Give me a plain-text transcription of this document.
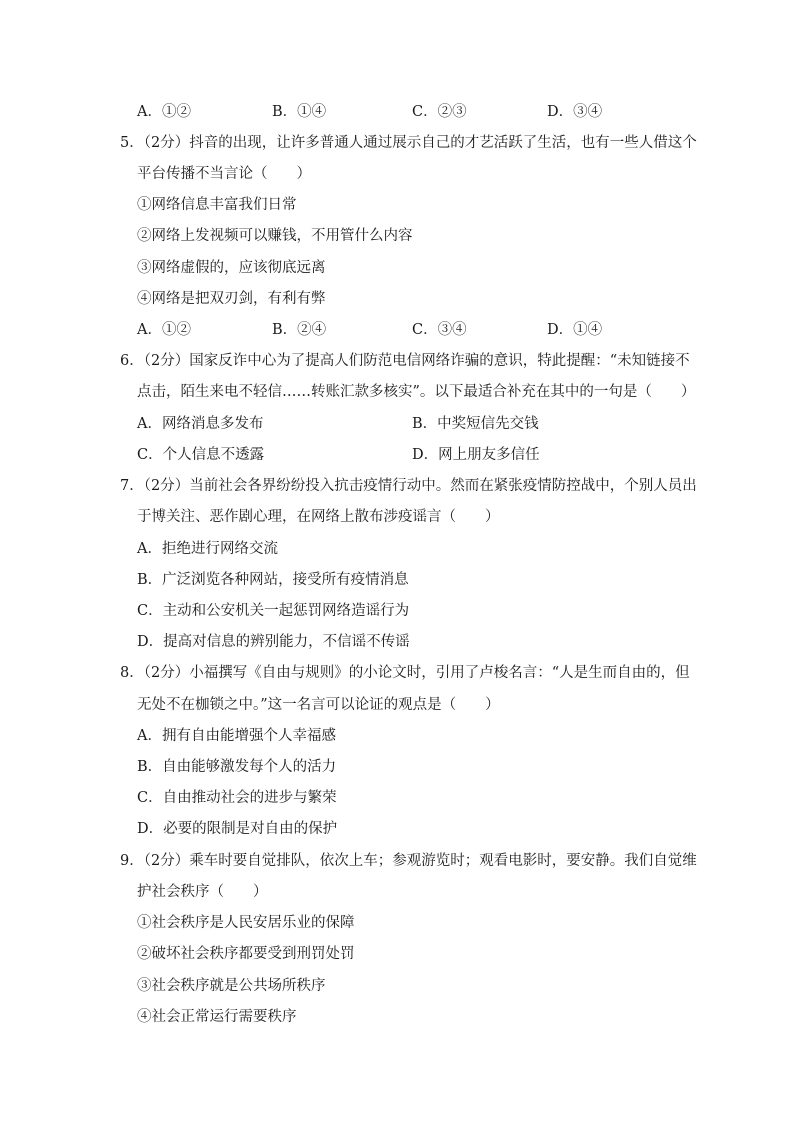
A．①②	B．①④	C．②③	D．③④
5．（2分）抖音的出现，让许多普通人通过展示自己的才艺活跃了生活，也有一些人借这个
平台传播不当言论（　　）
①网络信息丰富我们日常
②网络上发视频可以赚钱，不用管什么内容
③网络虚假的，应该彻底远离
④网络是把双刃剑，有利有弊
A．①②	B．②④	C．③④	D．①④
6．（2分）国家反诈中心为了提高人们防范电信网络诈骗的意识，特此提醒：“未知链接不
点击，陌生来电不轻信……转账汇款多核实”。以下最适合补充在其中的一句是（　　）
A．网络消息多发布	B．中奖短信先交钱
C．个人信息不透露	D．网上朋友多信任
7．（2分）当前社会各界纷纷投入抗击疫情行动中。然而在紧张疫情防控战中，个别人员出
于博关注、恶作剧心理，在网络上散布涉疫谣言（　　）
A．拒绝进行网络交流
B．广泛浏览各种网站，接受所有疫情消息
C．主动和公安机关一起惩罚网络造谣行为
D．提高对信息的辨别能力，不信谣不传谣
8．（2分）小福撰写《自由与规则》的小论文时，引用了卢梭名言：“人是生而自由的，但
无处不在枷锁之中。”这一名言可以论证的观点是（　　）
A．拥有自由能增强个人幸福感
B．自由能够激发每个人的活力
C．自由推动社会的进步与繁荣
D．必要的限制是对自由的保护
9．（2分）乘车时要自觉排队，依次上车；参观游览时；观看电影时，要安静。我们自觉维
护社会秩序（　　）
①社会秩序是人民安居乐业的保障
②破坏社会秩序都要受到刑罚处罚
③社会秩序就是公共场所秩序
④社会正常运行需要秩序
